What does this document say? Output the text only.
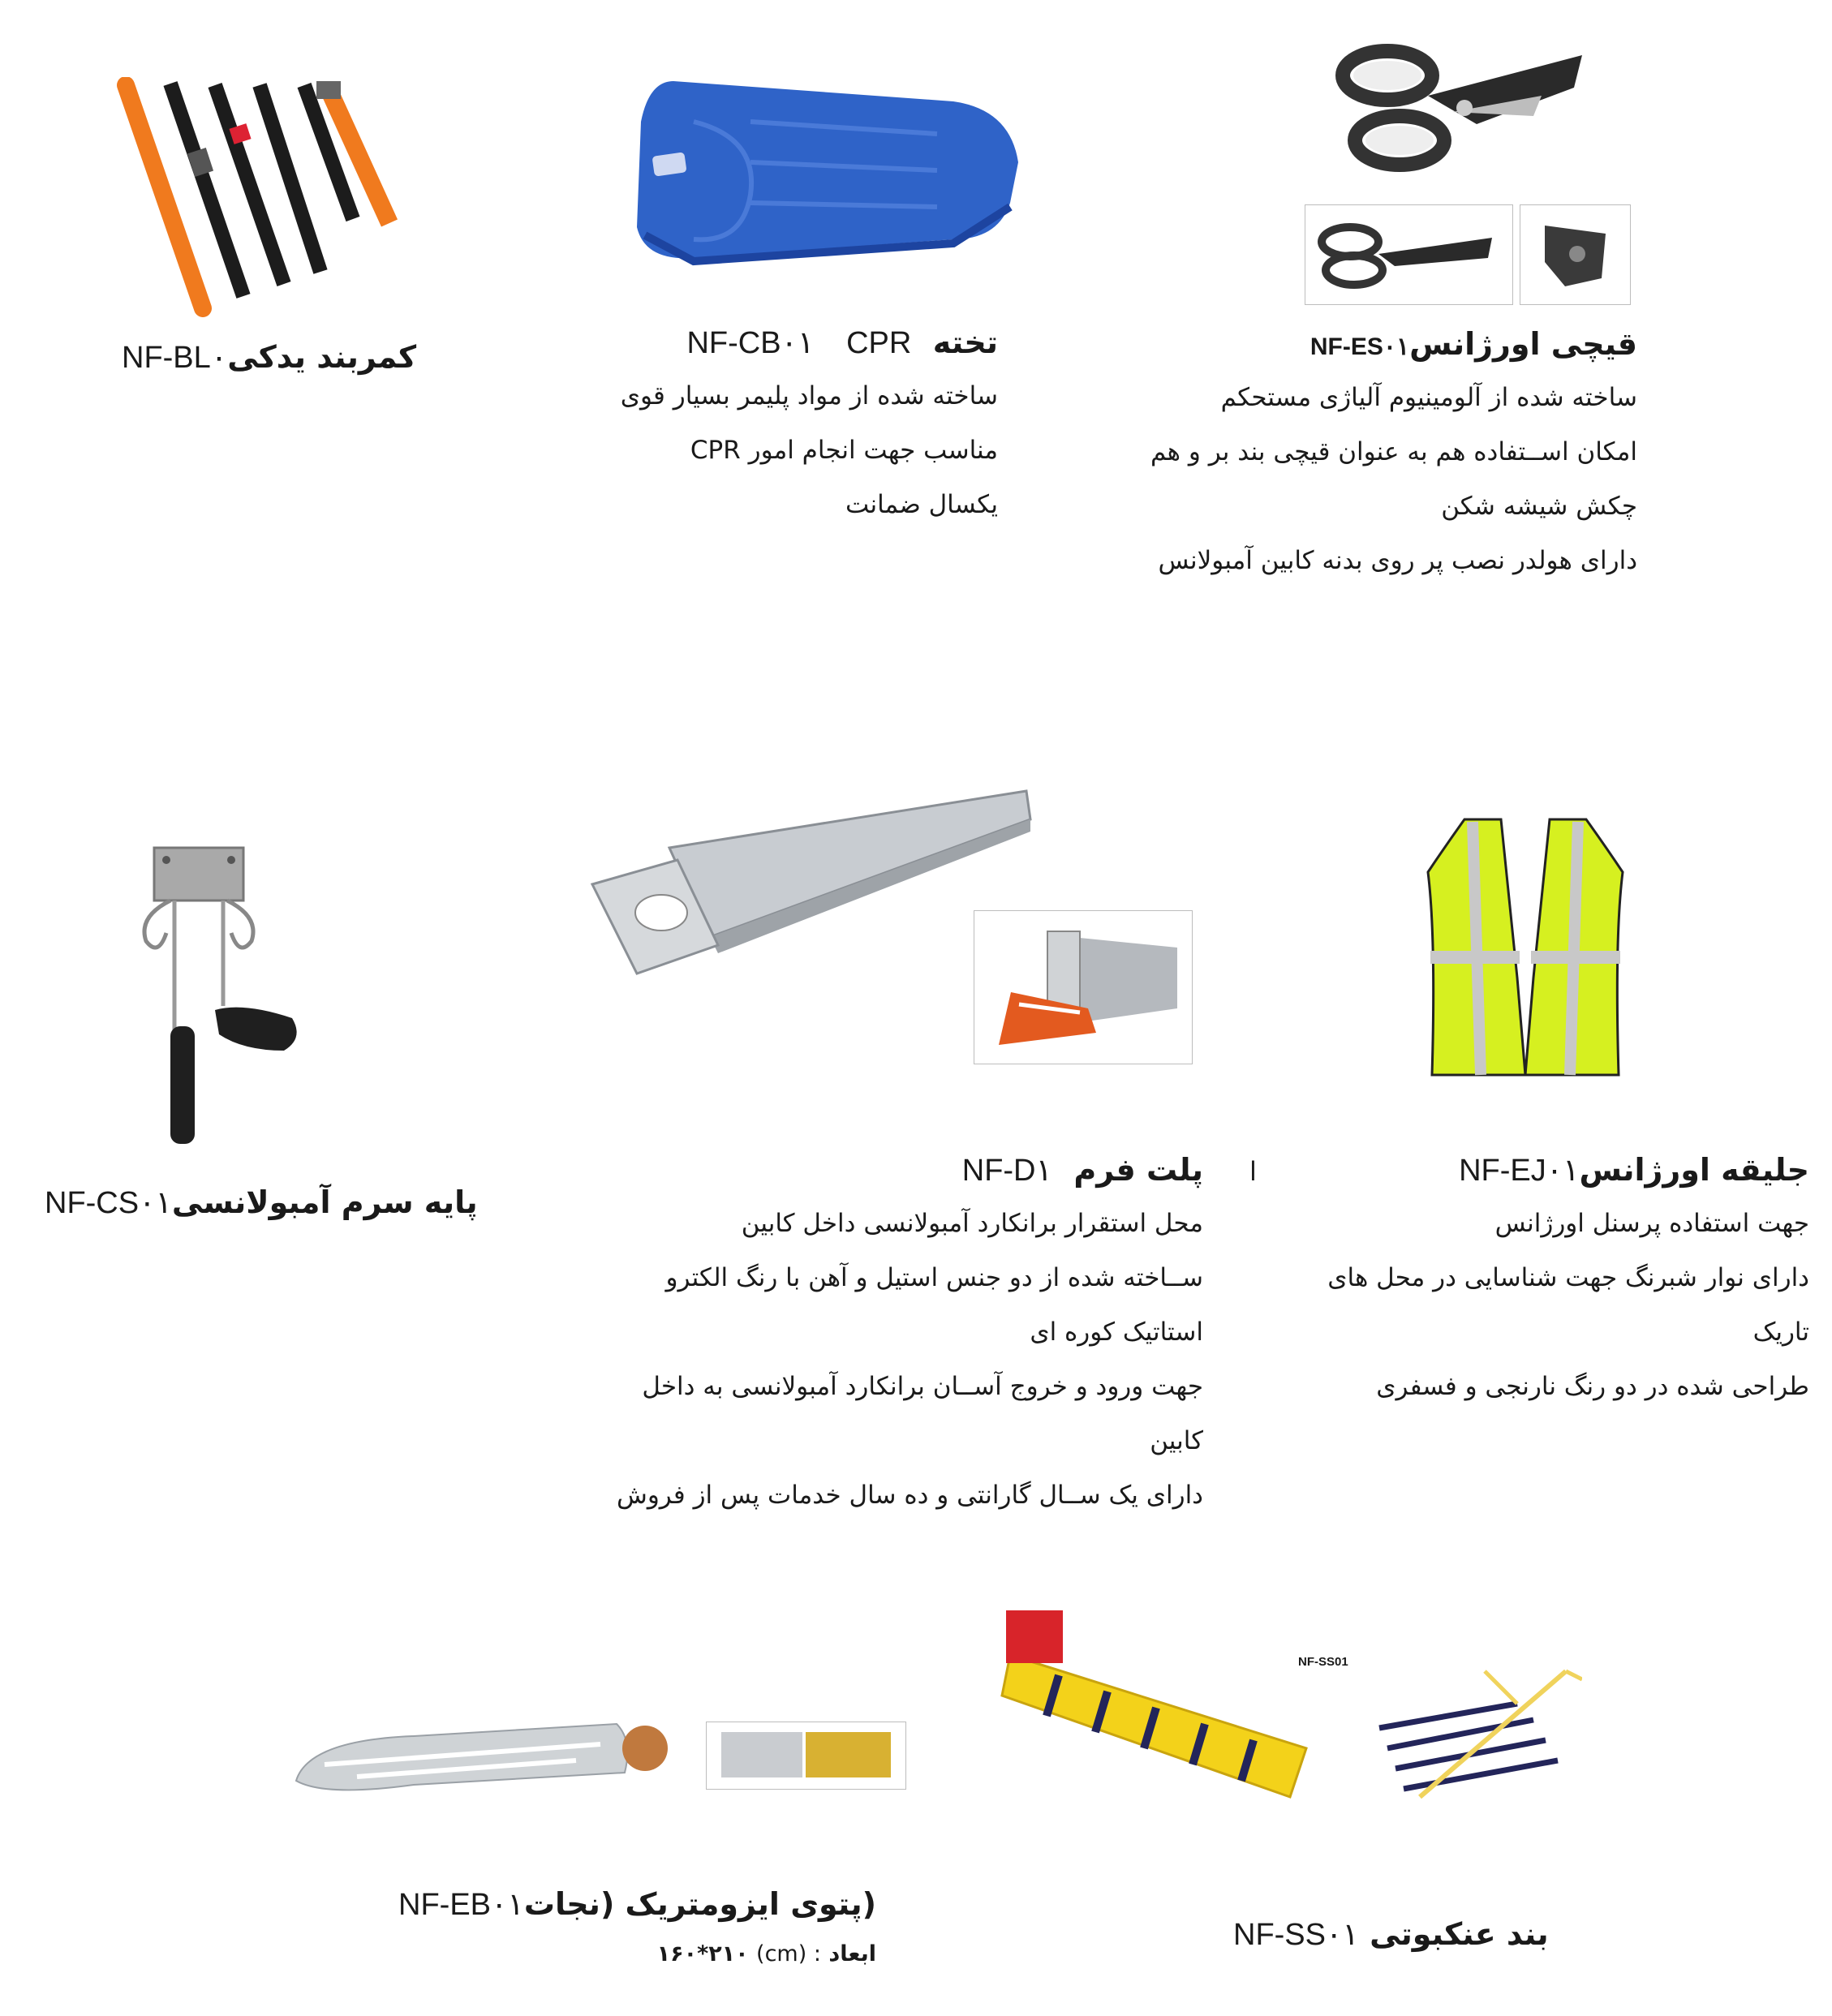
کمربند یدکیNF-BL۰	تخته  CPR   NF-CB۰۱
ساخته شده از مواد پلیمر بسیار قوی
مناسب جهت انجام امور CPR
یکسال ضمانت
قیچی اورژانسNF-ES۰۱
ساخته شده از آلومینیوم آلیاژی مستحکم
امکان اســتفاده هم به عنوان قیچی بند بر و هم
چکش شیشه شکن
دارای هولدر نصب پر روی بدنه کابین آمبولانس
پایه سرم آمبولانسیNF-CS۰۱
پلت فرم  NF-D۱	ا
محل استقرار برانکارد آمبولانسی داخل کابین
ســاخته شده از دو جنس استیل و آهن با رنگ الکترو
استاتیک کوره ای
جهت ورود و خروج آســان برانکارد آمبولانسی به داخل
کابین
دارای یک ســال گارانتی و ده سال خدمات پس از فروش
جلیقه اورژانسNF-EJ۰۱
جهت استفاده پرسنل اورژانس
دارای نوار شبرنگ جهت شناسایی در محل های
تاریک
طراحی شده در دو رنگ نارنجی و فسفری
(پتوی ایزومتریک (نجاتNF-EB۰۱
ابعاد (cm) : ۱۶۰*۲۱۰
NF-SS01
بند عنکبوتی NF-SS۰۱
